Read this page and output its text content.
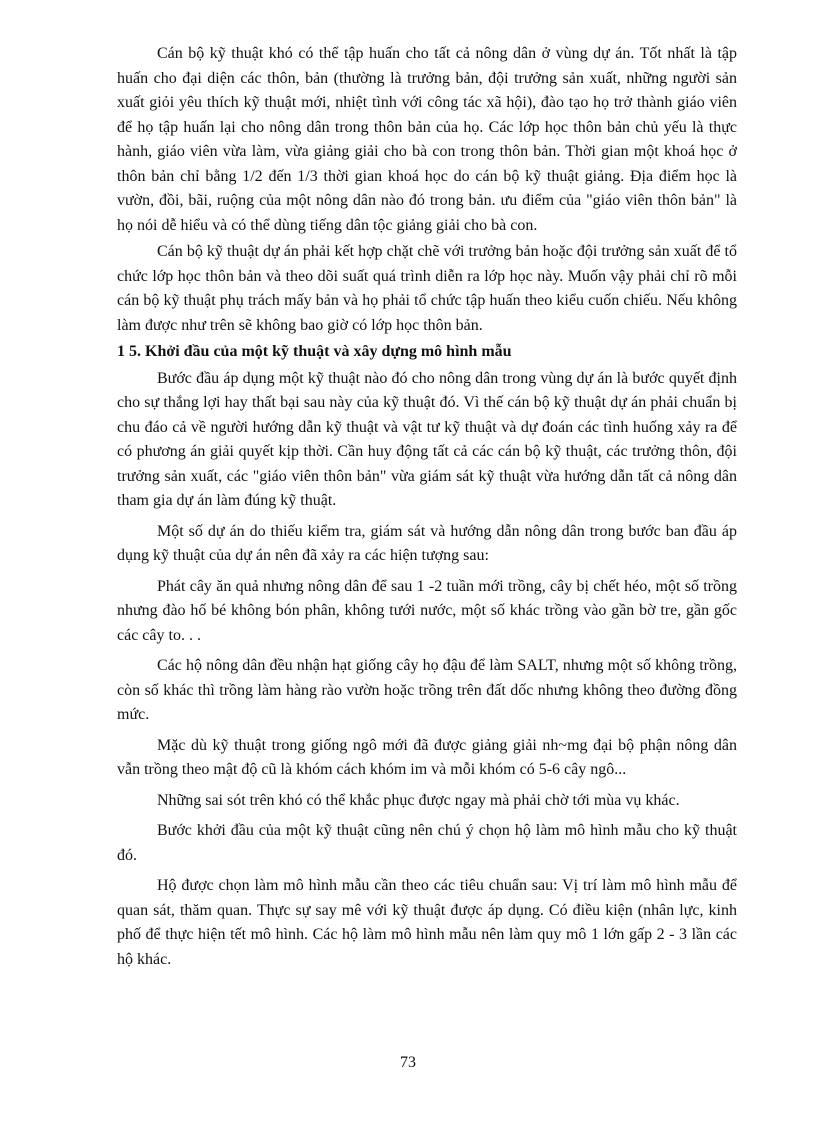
Cán bộ kỹ thuật khó có thể tập huấn cho tất cả nông dân ở vùng dự án. Tốt nhất là tập huấn cho đại diện các thôn, bản (thường là trưởng bản, đội trưởng sản xuất, những người sản xuất giỏi yêu thích kỹ thuật mới, nhiệt tình với công tác xã hội), đào tạo họ trở thành giáo viên để họ tập huấn lại cho nông dân trong thôn bản của họ. Các lớp học thôn bản chủ yếu là thực hành, giáo viên vừa làm, vừa giảng giải cho bà con trong thôn bản. Thời gian một khoá học ở thôn bản chỉ bằng 1/2 đến 1/3 thời gian khoá học do cán bộ kỹ thuật giảng. Địa điểm học là vườn, đồi, bãi, ruộng của một nông dân nào đó trong bản. ưu điểm của "giáo viên thôn bản" là họ nói dễ hiểu và có thể dùng tiếng dân tộc giảng giải cho bà con.

Cán bộ kỹ thuật dự án phải kết hợp chặt chẽ với trưởng bản hoặc đội trưởng sản xuất để tổ chức lớp học thôn bản và theo dõi suất quá trình diễn ra lớp học này. Muốn vậy phải chỉ rõ mỗi cán bộ kỹ thuật phụ trách mấy bản và họ phải tổ chức tập huấn theo kiểu cuốn chiếu. Nếu không làm được như trên sẽ không bao giờ có lớp học thôn bản.

1 5. Khởi đầu của một kỹ thuật và xây dựng mô hình mẫu

Bước đầu áp dụng một kỹ thuật nào đó cho nông dân trong vùng dự án là bước quyết định cho sự thắng lợi hay thất bại sau này của kỹ thuật đó. Vì thế cán bộ kỹ thuật dự án phải chuẩn bị chu đáo cả về người hướng dẫn kỹ thuật và vật tư kỹ thuật và dự đoán các tình huống xảy ra để có phương án giải quyết kịp thời. Cần huy động tất cả các cán bộ kỹ thuật, các trưởng thôn, đội trưởng sản xuất, các "giáo viên thôn bản" vừa giám sát kỹ thuật vừa hướng dẫn tất cả nông dân tham gia dự án làm đúng kỹ thuật.

Một số dự án do thiếu kiểm tra, giám sát và hướng dẫn nông dân trong bước ban đầu áp dụng kỹ thuật của dự án nên đã xảy ra các hiện tượng sau:

Phát cây ăn quả nhưng nông dân để sau 1 -2 tuần mới trồng, cây bị chết héo, một số trồng nhưng đào hố bé không bón phân, không tưới nước, một số khác trồng vào gần bờ tre, gần gốc các cây to. . .

Các hộ nông dân đều nhận hạt giống cây họ đậu để làm SALT, nhưng một số không trồng, còn số khác thì trồng làm hàng rào vườn hoặc trồng trên đất dốc nhưng không theo đường đồng mức.

Mặc dù kỹ thuật trong giống ngô mới đã được giảng giải nh~mg đại bộ phận nông dân vẫn trồng theo mật độ cũ là khóm cách khóm im và mỗi khóm có 5-6 cây ngô...

Những sai sót trên khó có thể khắc phục được ngay mà phải chờ tới mùa vụ khác.

Bước khởi đầu của một kỹ thuật cũng nên chú ý chọn hộ làm mô hình mẫu cho kỹ thuật đó.

Hộ được chọn làm mô hình mẫu cần theo các tiêu chuẩn sau: Vị trí làm mô hình mẫu để quan sát, thăm quan. Thực sự say mê với kỹ thuật được áp dụng. Có điều kiện (nhân lực, kinh phố để thực hiện tết mô hình. Các hộ làm mô hình mẫu nên làm quy mô 1 lớn gấp 2 - 3 lần các hộ khác.

73
